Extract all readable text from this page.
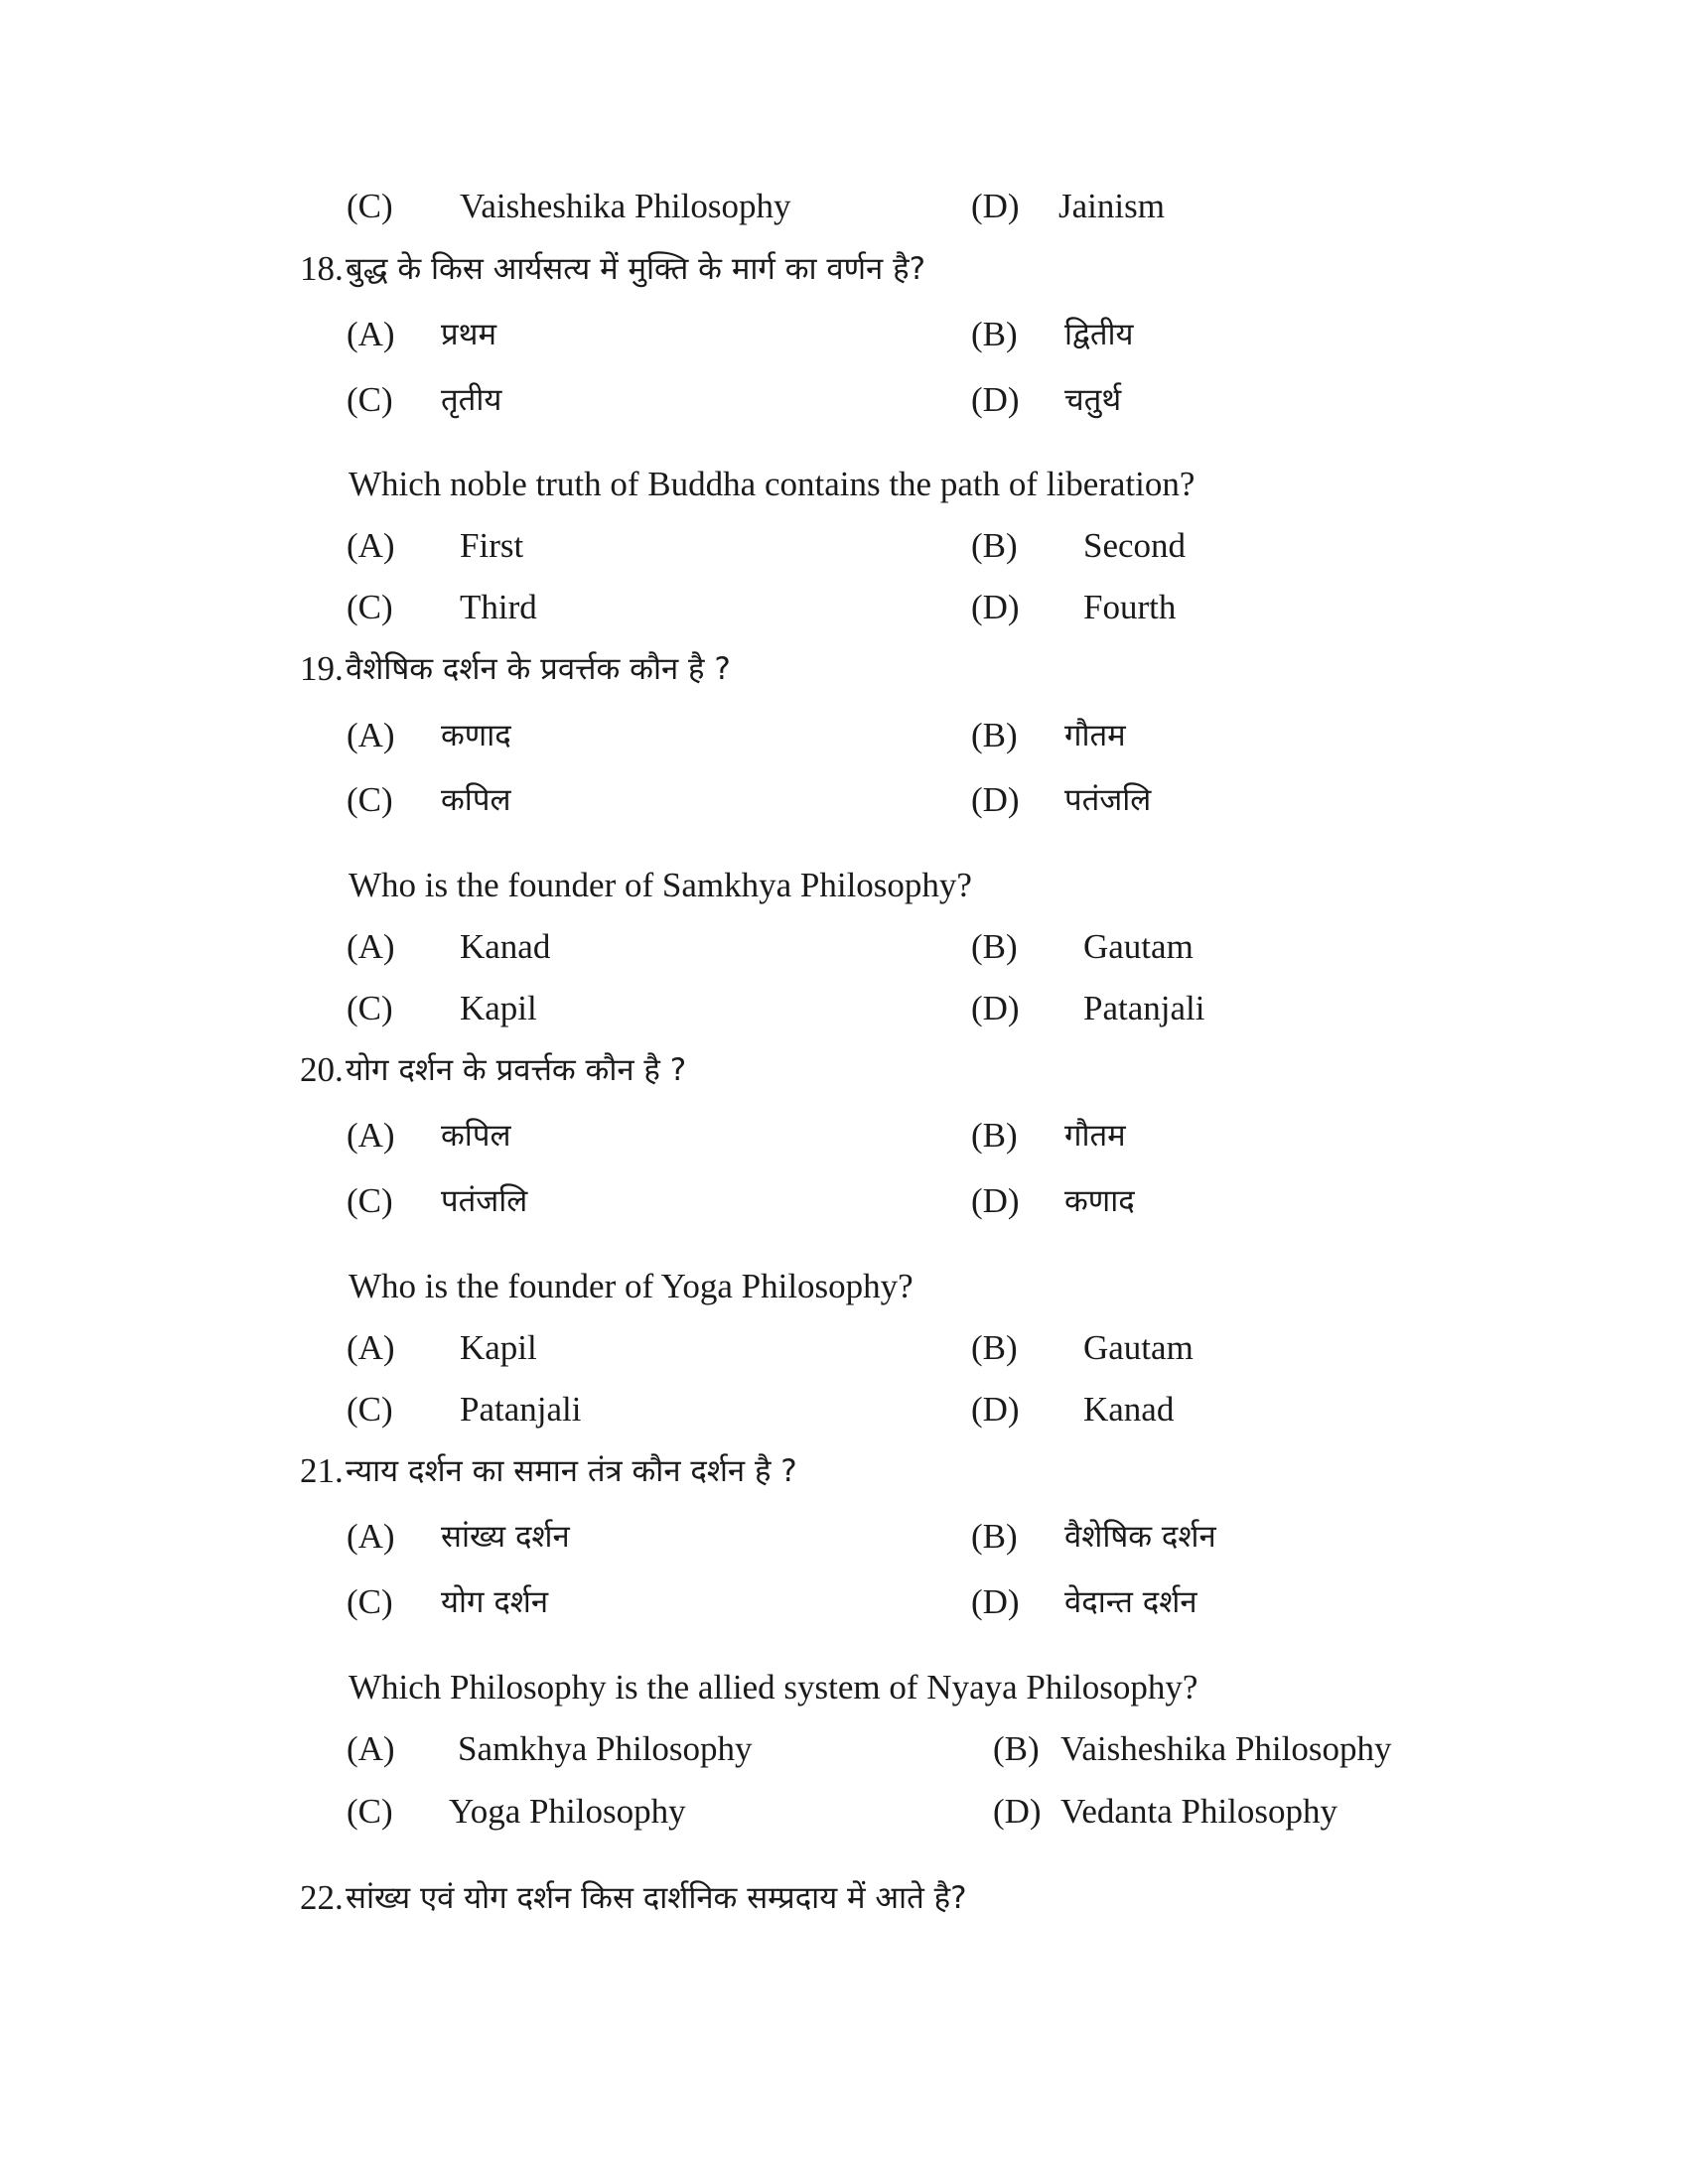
(C) Vaisheshika Philosophy	(D) Jainism
18. बुद्ध के किस आर्यसत्य में मुक्ति के मार्ग का वर्णन है?
(A) प्रथम	(B) द्वितीय
(C) तृतीय	(D) चतुर्थ
Which noble truth of Buddha contains the path of liberation?
(A) First	(B) Second
(C) Third	(D) Fourth
19. वैशेषिक दर्शन के प्रवर्त्तक कौन है ?
(A) कणाद	(B) गौतम
(C) कपिल	(D) पतंजलि
Who is the founder of Samkhya Philosophy?
(A) Kanad	(B) Gautam
(C) Kapil	(D) Patanjali
20. योग दर्शन के प्रवर्त्तक कौन है ?
(A) कपिल	(B) गौतम
(C) पतंजलि	(D) कणाद
Who is the founder of Yoga Philosophy?
(A) Kapil	(B) Gautam
(C) Patanjali	(D) Kanad
21. न्याय दर्शन का समान तंत्र कौन दर्शन है ?
(A) सांख्य दर्शन	(B) वैशेषिक दर्शन
(C) योग दर्शन	(D) वेदान्त दर्शन
Which Philosophy is the allied system of Nyaya Philosophy?
(A) Samkhya Philosophy	(B) Vaisheshika Philosophy
(C) Yoga Philosophy	(D) Vedanta Philosophy
22. सांख्य एवं योग दर्शन किस दार्शनिक सम्प्रदाय में आते है?
